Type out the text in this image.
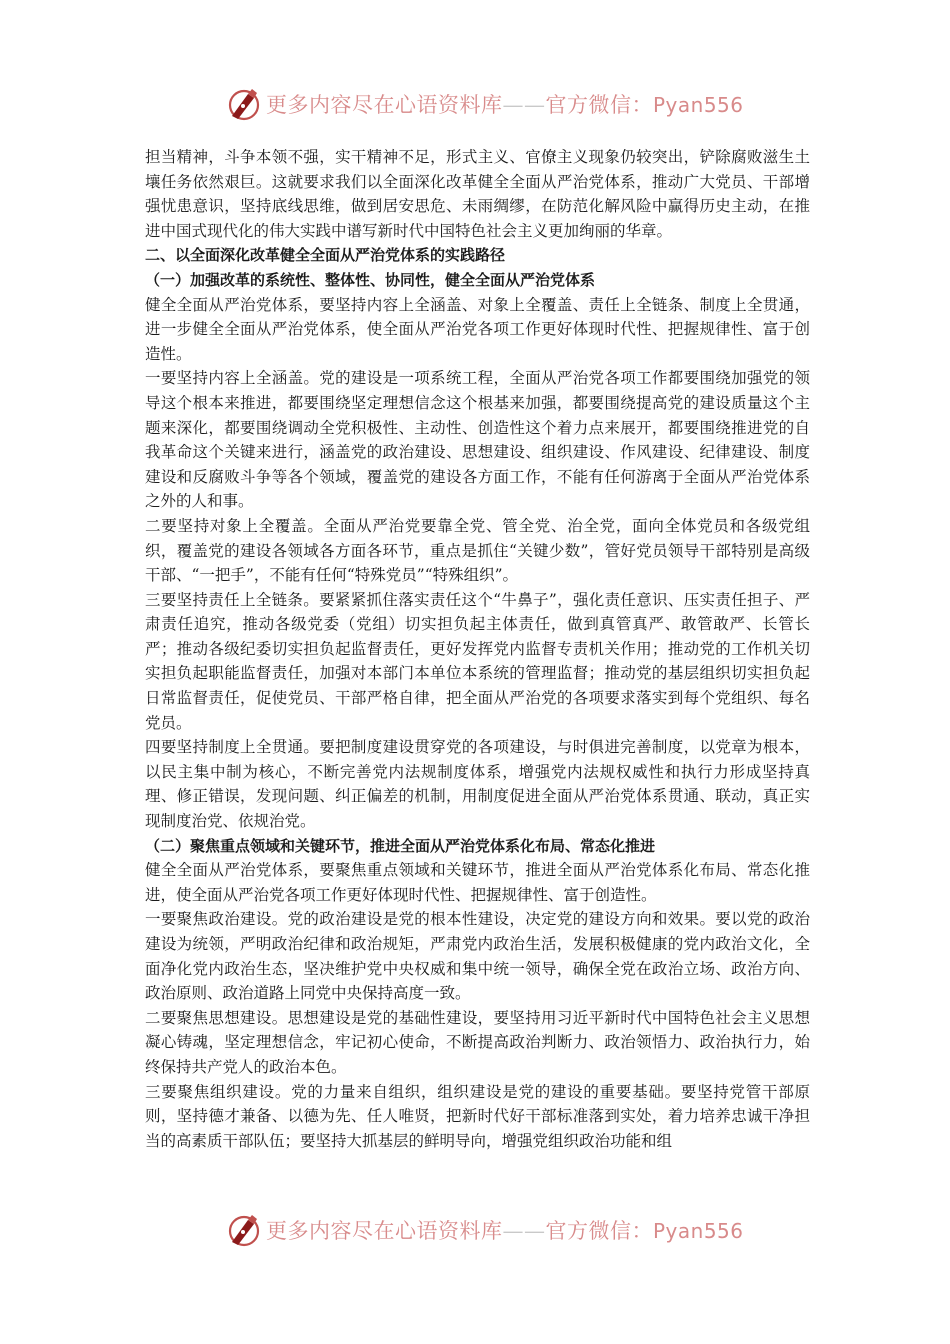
更多内容尽在心语资料库——官方微信：Pyan556

担当精神，斗争本领不强，实干精神不足，形式主义、官僚主义现象仍较突出，铲除腐败滋生土壤任务依然艰巨。这就要求我们以全面深化改革健全全面从严治党体系，推动广大党员、干部增强忧患意识，坚持底线思维，做到居安思危、未雨绸缪，在防范化解风险中赢得历史主动，在推进中国式现代化的伟大实践中谱写新时代中国特色社会主义更加绚丽的华章。

二、以全面深化改革健全全面从严治党体系的实践路径

（一）加强改革的系统性、整体性、协同性，健全全面从严治党体系

健全全面从严治党体系，要坚持内容上全涵盖、对象上全覆盖、责任上全链条、制度上全贯通，进一步健全全面从严治党体系，使全面从严治党各项工作更好体现时代性、把握规律性、富于创造性。

一要坚持内容上全涵盖。党的建设是一项系统工程，全面从严治党各项工作都要围绕加强党的领导这个根本来推进，都要围绕坚定理想信念这个根基来加强，都要围绕提高党的建设质量这个主题来深化，都要围绕调动全党积极性、主动性、创造性这个着力点来展开，都要围绕推进党的自我革命这个关键来进行，涵盖党的政治建设、思想建设、组织建设、作风建设、纪律建设、制度建设和反腐败斗争等各个领域，覆盖党的建设各方面工作，不能有任何游离于全面从严治党体系之外的人和事。

二要坚持对象上全覆盖。全面从严治党要靠全党、管全党、治全党，面向全体党员和各级党组织，覆盖党的建设各领域各方面各环节，重点是抓住“关键少数”，管好党员领导干部特别是高级干部、“一把手”，不能有任何“特殊党员”“特殊组织”。

三要坚持责任上全链条。要紧紧抓住落实责任这个“牛鼻子”，强化责任意识、压实责任担子、严肃责任追究，推动各级党委（党组）切实担负起主体责任，做到真管真严、敢管敢严、长管长严；推动各级纪委切实担负起监督责任，更好发挥党内监督专责机关作用；推动党的工作机关切实担负起职能监督责任，加强对本部门本单位本系统的管理监督；推动党的基层组织切实担负起日常监督责任，促使党员、干部严格自律，把全面从严治党的各项要求落实到每个党组织、每名党员。

四要坚持制度上全贯通。要把制度建设贯穿党的各项建设，与时俱进完善制度，以党章为根本，以民主集中制为核心，不断完善党内法规制度体系，增强党内法规权威性和执行力形成坚持真理、修正错误，发现问题、纠正偏差的机制，用制度促进全面从严治党体系贯通、联动，真正实现制度治党、依规治党。

（二）聚焦重点领域和关键环节，推进全面从严治党体系化布局、常态化推进

健全全面从严治党体系，要聚焦重点领域和关键环节，推进全面从严治党体系化布局、常态化推进，使全面从严治党各项工作更好体现时代性、把握规律性、富于创造性。

一要聚焦政治建设。党的政治建设是党的根本性建设，决定党的建设方向和效果。要以党的政治建设为统领，严明政治纪律和政治规矩，严肃党内政治生活，发展积极健康的党内政治文化，全面净化党内政治生态，坚决维护党中央权威和集中统一领导，确保全党在政治立场、政治方向、政治原则、政治道路上同党中央保持高度一致。

二要聚焦思想建设。思想建设是党的基础性建设，要坚持用习近平新时代中国特色社会主义思想凝心铸魂，坚定理想信念，牢记初心使命，不断提高政治判断力、政治领悟力、政治执行力，始终保持共产党人的政治本色。

三要聚焦组织建设。党的力量来自组织，组织建设是党的建设的重要基础。要坚持党管干部原则，坚持德才兼备、以德为先、任人唯贤，把新时代好干部标准落到实处，着力培养忠诚干净担当的高素质干部队伍；要坚持大抓基层的鲜明导向，增强党组织政治功能和组

更多内容尽在心语资料库——官方微信：Pyan556
